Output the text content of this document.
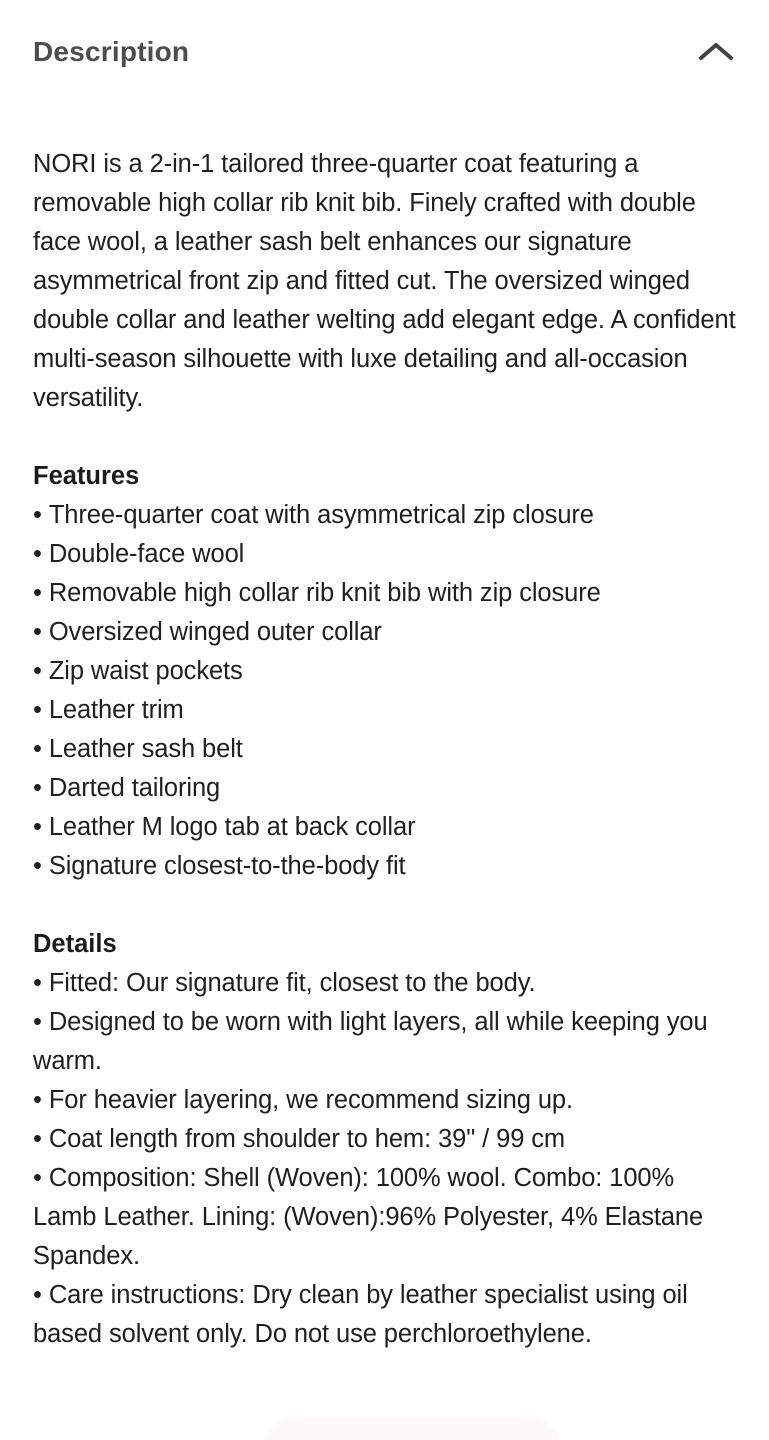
Description

NORI is a 2-in-1 tailored three-quarter coat featuring a removable high collar rib knit bib. Finely crafted with double face wool, a leather sash belt enhances our signature asymmetrical front zip and fitted cut. The oversized winged double collar and leather welting add elegant edge. A confident multi-season silhouette with luxe detailing and all-occasion versatility.

Features
• Three-quarter coat with asymmetrical zip closure
• Double-face wool
• Removable high collar rib knit bib with zip closure
• Oversized winged outer collar
• Zip waist pockets
• Leather trim
• Leather sash belt
• Darted tailoring
• Leather M logo tab at back collar
• Signature closest-to-the-body fit
Details
• Fitted: Our signature fit, closest to the body.
• Designed to be worn with light layers, all while keeping you warm.
• For heavier layering, we recommend sizing up.
• Coat length from shoulder to hem: 39" / 99 cm
• Composition: Shell (Woven): 100% wool. Combo: 100% Lamb Leather. Lining: (Woven):96% Polyester, 4% Elastane Spandex.
• Care instructions: Dry clean by leather specialist using oil based solvent only. Do not use perchloroethylene.
